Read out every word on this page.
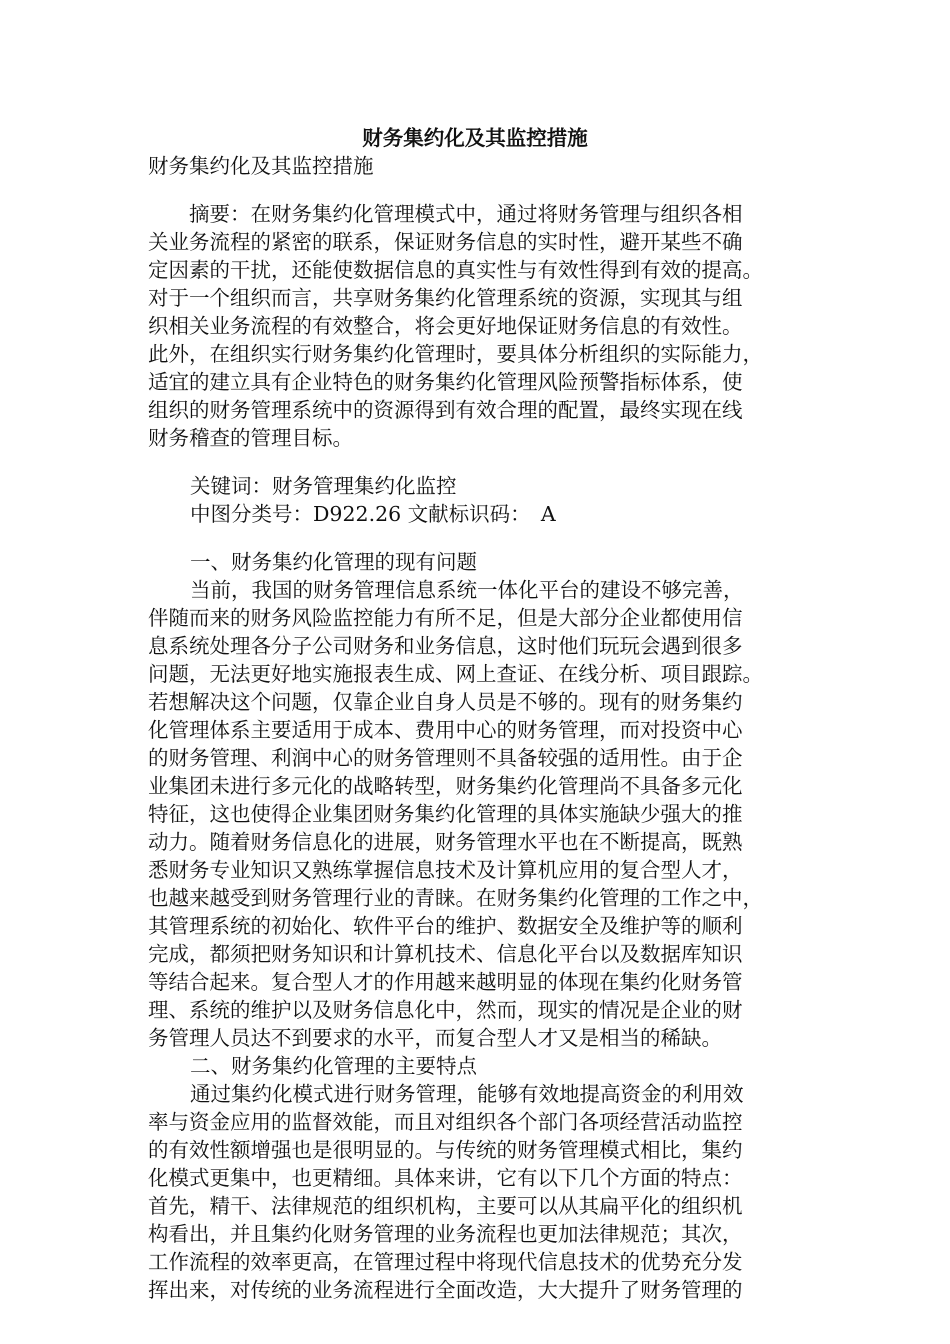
财务集约化及其监控措施
财务集约化及其监控措施
　　摘要：在财务集约化管理模式中，通过将财务管理与组织各相
关业务流程的紧密的联系，保证财务信息的实时性，避开某些不确
定因素的干扰，还能使数据信息的真实性与有效性得到有效的提高。
对于一个组织而言，共享财务集约化管理系统的资源，实现其与组
织相关业务流程的有效整合，将会更好地保证财务信息的有效性。
此外，在组织实行财务集约化管理时，要具体分析组织的实际能力，
适宜的建立具有企业特色的财务集约化管理风险预警指标体系，使
组织的财务管理系统中的资源得到有效合理的配置，最终实现在线
财务稽查的管理目标。
关键词：财务管理集约化监控
中图分类号：D922.26 文献标识码：　A
一、财务集约化管理的现有问题
当前，我国的财务管理信息系统一体化平台的建设不够完善，
伴随而来的财务风险监控能力有所不足，但是大部分企业都使用信
息系统处理各分子公司财务和业务信息，这时他们玩玩会遇到很多
问题，无法更好地实施报表生成、网上查证、在线分析、项目跟踪。
若想解决这个问题，仅靠企业自身人员是不够的。现有的财务集约
化管理体系主要适用于成本、费用中心的财务管理，而对投资中心
的财务管理、利润中心的财务管理则不具备较强的适用性。由于企
业集团未进行多元化的战略转型，财务集约化管理尚不具备多元化
特征，这也使得企业集团财务集约化管理的具体实施缺少强大的推
动力。随着财务信息化的进展，财务管理水平也在不断提高，既熟
悉财务专业知识又熟练掌握信息技术及计算机应用的复合型人才，
也越来越受到财务管理行业的青睐。在财务集约化管理的工作之中，
其管理系统的初始化、软件平台的维护、数据安全及维护等的顺利
完成，都须把财务知识和计算机技术、信息化平台以及数据库知识
等结合起来。复合型人才的作用越来越明显的体现在集约化财务管
理、系统的维护以及财务信息化中，然而，现实的情况是企业的财
务管理人员达不到要求的水平，而复合型人才又是相当的稀缺。
二、财务集约化管理的主要特点
通过集约化模式进行财务管理，能够有效地提高资金的利用效
率与资金应用的监督效能，而且对组织各个部门各项经营活动监控
的有效性额增强也是很明显的。与传统的财务管理模式相比，集约
化模式更集中，也更精细。具体来讲，它有以下几个方面的特点：
首先，精干、法律规范的组织机构，主要可以从其扁平化的组织机
构看出，并且集约化财务管理的业务流程也更加法律规范；其次，
工作流程的效率更高，在管理过程中将现代信息技术的优势充分发
挥出来，对传统的业务流程进行全面改造，大大提升了财务管理的
